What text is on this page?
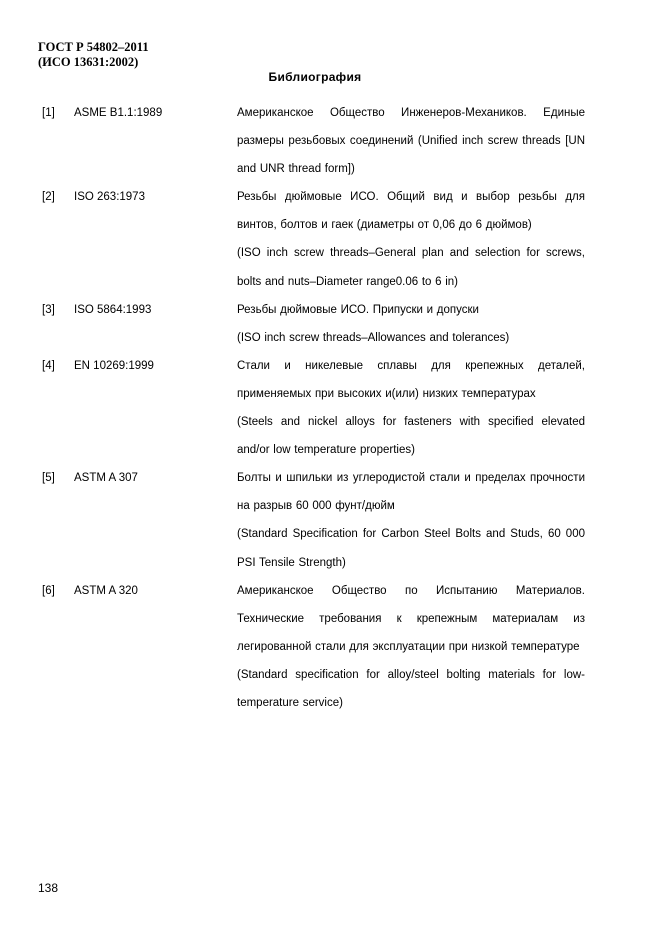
ГОСТ Р 54802–2011
(ИСО 13631:2002)
Библиография
[1] ASME B1.1:1989	Американское Общество Инженеров-Механиков. Единые размеры резьбовых соединений (Unified inch screw threads [UN and UNR thread form])
[2] ISO 263:1973	Резьбы дюймовые ИСО. Общий вид и выбор резьбы для винтов, болтов и гаек (диаметры от 0,06 до 6 дюймов)
(ISO inch screw threads–General plan and selection for screws, bolts and nuts–Diameter range0.06 to 6 in)
[3] ISO 5864:1993	Резьбы дюймовые ИСО. Припуски и допуски
(ISO inch screw threads–Allowances and tolerances)
[4] EN 10269:1999	Стали и никелевые сплавы для крепежных деталей, применяемых при высоких и(или) низких температурах
(Steels and nickel alloys for fasteners with specified elevated and/or low temperature properties)
[5] ASTM A 307	Болты и шпильки из углеродистой стали и пределах прочности на разрыв 60 000 фунт/дюйм
(Standard Specification for Carbon Steel Bolts and Studs, 60 000 PSI Tensile Strength)
[6] ASTM A 320	Американское Общество по Испытанию Материалов. Технические требования к крепежным материалам из легированной стали для эксплуатации при низкой температуре
(Standard specification for alloy/steel bolting materials for low-temperature service)
138
